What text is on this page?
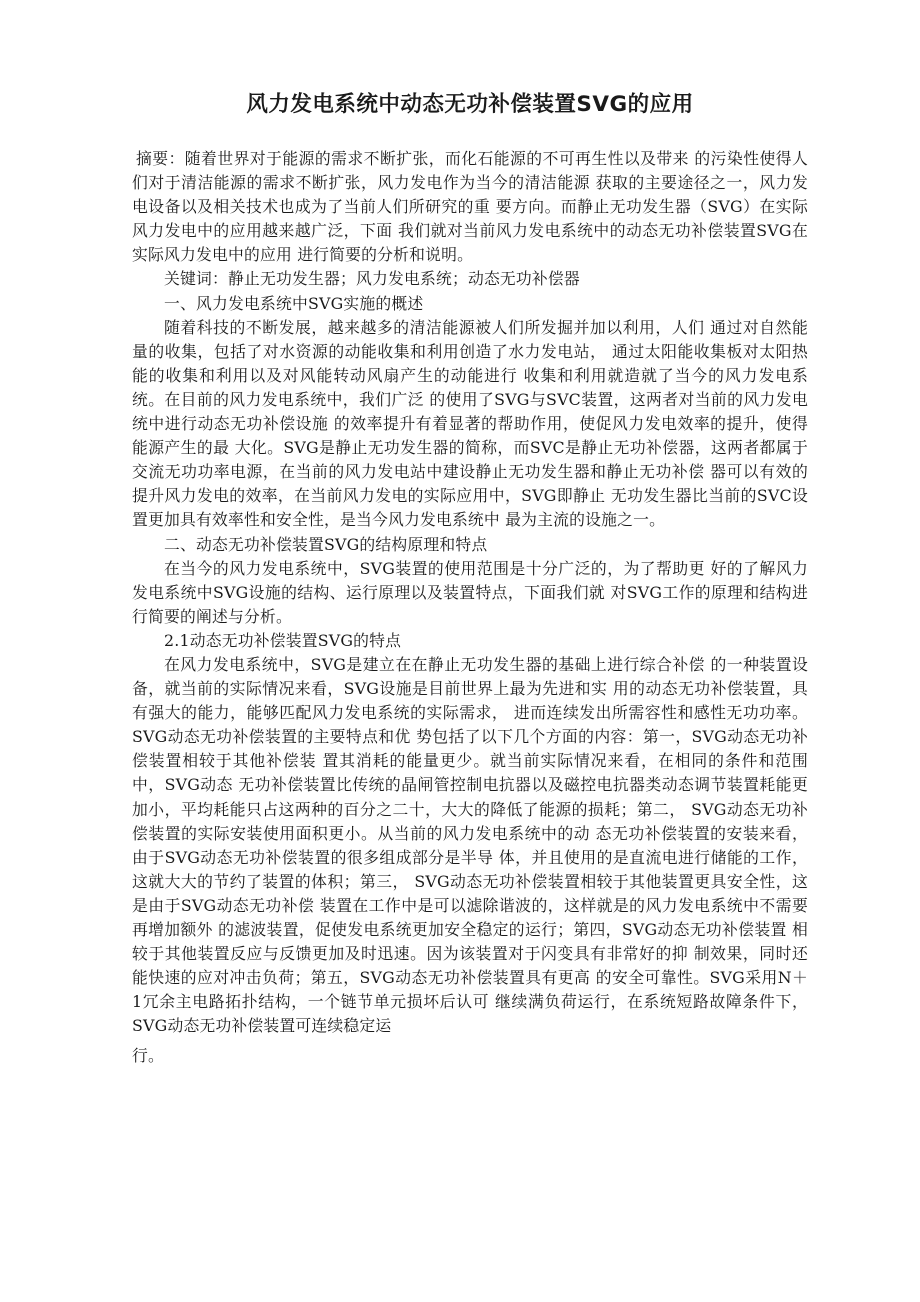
风力发电系统中动态无功补偿装置SVG的应用

摘要：随着世界对于能源的需求不断扩张，而化石能源的不可再生性以及带来 的污染性使得人们对于清洁能源的需求不断扩张，风力发电作为当今的清洁能源 获取的主要途径之一，风力发电设备以及相关技术也成为了当前人们所研究的重 要方向。而静止无功发生器（SVG）在实际风力发电中的应用越来越广泛，下面 我们就对当前风力发电系统中的动态无功补偿装置SVG在实际风力发电中的应用 进行简要的分析和说明。

关键词：静止无功发生器；风力发电系统；动态无功补偿器

一、风力发电系统中SVG实施的概述

随着科技的不断发展，越来越多的清洁能源被人们所发掘并加以利用，人们 通过对自然能量的收集，包括了对水资源的动能收集和利用创造了水力发电站， 通过太阳能收集板对太阳热能的收集和利用以及对风能转动风扇产生的动能进行 收集和利用就造就了当今的风力发电系统。在目前的风力发电系统中，我们广泛 的使用了SVG与SVC装置，这两者对当前的风力发电统中进行动态无功补偿设施 的效率提升有着显著的帮助作用，使促风力发电效率的提升，使得能源产生的最 大化。SVG是静止无功发生器的简称，而SVC是静止无功补偿器，这两者都属于 交流无功功率电源，在当前的风力发电站中建设静止无功发生器和静止无功补偿 器可以有效的提升风力发电的效率，在当前风力发电的实际应用中，SVG即静止 无功发生器比当前的SVC设置更加具有效率性和安全性，是当今风力发电系统中 最为主流的设施之一。

二、动态无功补偿装置SVG的结构原理和特点

在当今的风力发电系统中，SVG装置的使用范围是十分广泛的，为了帮助更 好的了解风力发电系统中SVG设施的结构、运行原理以及装置特点，下面我们就 对SVG工作的原理和结构进行简要的阐述与分析。

2.1动态无功补偿装置SVG的特点

在风力发电系统中，SVG是建立在在静止无功发生器的基础上进行综合补偿 的一种装置设备，就当前的实际情况来看，SVG设施是目前世界上最为先进和实 用的动态无功补偿装置，具有强大的能力，能够匹配风力发电系统的实际需求， 进而连续发出所需容性和感性无功功率。SVG动态无功补偿装置的主要特点和优 势包括了以下几个方面的内容：第一，SVG动态无功补偿装置相较于其他补偿装 置其消耗的能量更少。就当前实际情况来看，在相同的条件和范围中，SVG动态 无功补偿装置比传统的晶闸管控制电抗器以及磁控电抗器类动态调节装置耗能更 加小，平均耗能只占这两种的百分之二十，大大的降低了能源的损耗；第二， SVG动态无功补偿装置的实际安装使用面积更小。从当前的风力发电系统中的动 态无功补偿装置的安装来看，由于SVG动态无功补偿装置的很多组成部分是半导 体，并且使用的是直流电进行储能的工作，这就大大的节约了装置的体积；第三， SVG动态无功补偿装置相较于其他装置更具安全性，这是由于SVG动态无功补偿 装置在工作中是可以滤除谐波的，这样就是的风力发电系统中不需要再增加额外 的滤波装置，促使发电系统更加安全稳定的运行；第四，SVG动态无功补偿装置 相较于其他装置反应与反馈更加及时迅速。因为该装置对于闪变具有非常好的抑 制效果，同时还能快速的应对冲击负荷；第五，SVG动态无功补偿装置具有更高 的安全可靠性。SVG采用N＋1冗余主电路拓扑结构，一个链节单元损坏后认可 继续满负荷运行，在系统短路故障条件下，SVG动态无功补偿装置可连续稳定运

行。
